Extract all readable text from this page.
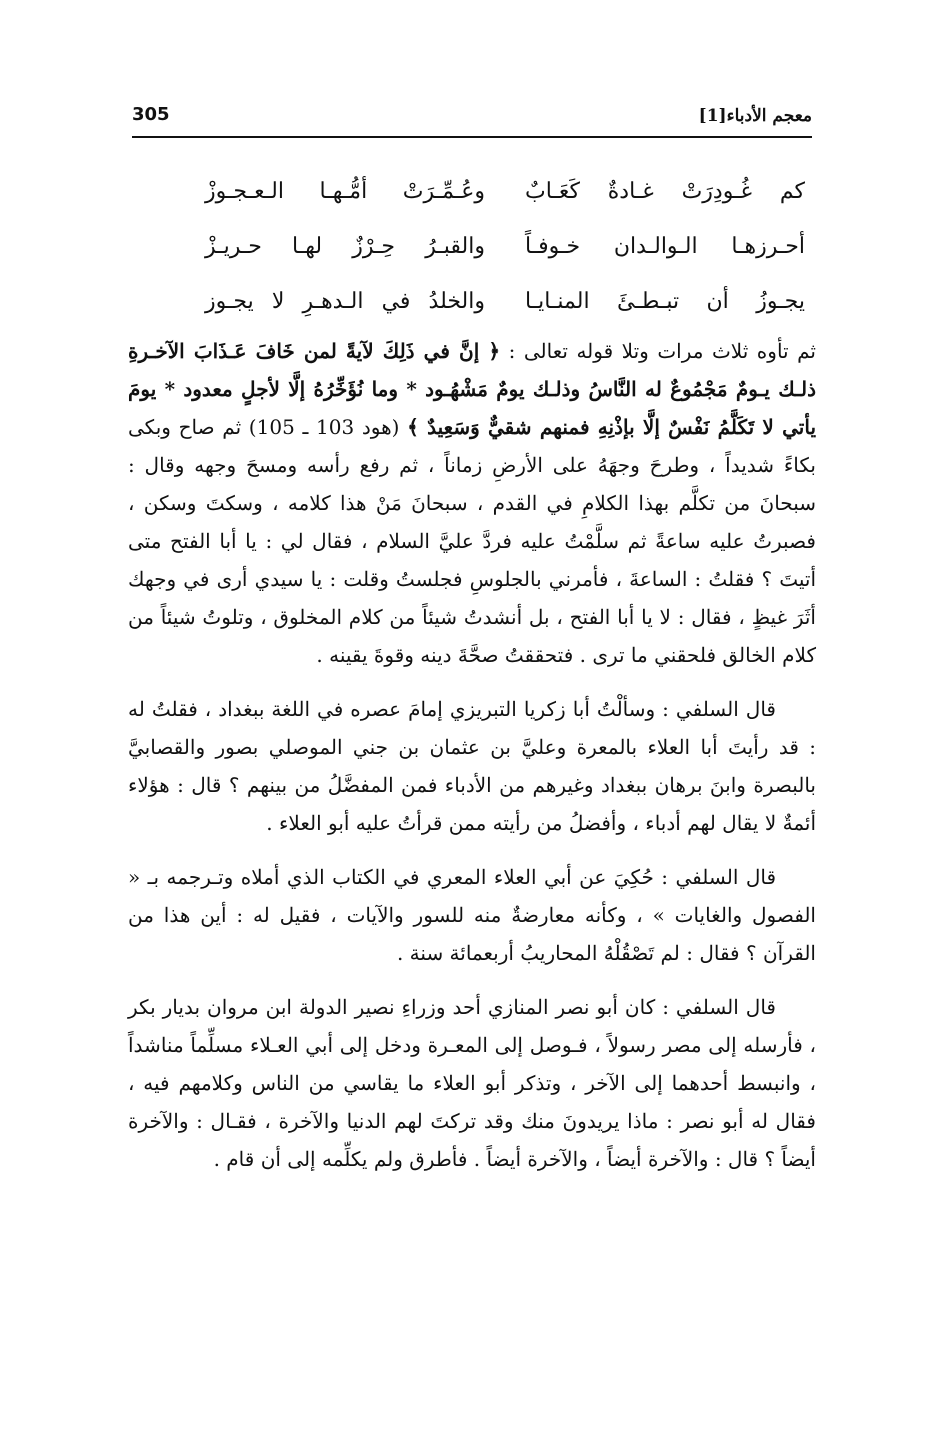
معجم الأدباء[1]
305
كم غُـودِرَتْ غـادةٌ كَعَـابٌ
وعُـمِّـرَتْ أمُّـهـا الـعـجـوزْ
أحـرزهـا الـوالـدان خـوفـاً
والقبـرُ حِـرْزٌ لهـا حـريـزْ
يجـوزُ أن تبـطـئَ المنـايـا
والخلدُ في الـدهـرِ لا يجـوز

ثم تأوه ثلاث مرات وتلا قوله تعالى : ﴿ إنَّ في ذَلِكَ لآيةً لمن خَافَ عَـذَابَ الآخـرةِ ذلـك يـومٌ مَجْمُوعٌ له النَّاسُ وذلـك يومٌ مَشْهُـود * وما نُؤَخِّرُهُ إلَّا لأجلٍ معدود * يومَ يأتي لا تَكَلَّمُ نَفْسٌ إلَّا بإذْنِهِ فمنهم شقيٌّ وَسَعِيدٌ ﴾ (هود 103 ـ 105) ثم صاح وبكى بكاءً شديداً ، وطرحَ وجهَهُ على الأرضِ زماناً ، ثم رفع رأسه ومسحَ وجهه وقال : سبحانَ من تكلَّم بهذا الكلامِ في القدم ، سبحانَ مَنْ هذا كلامه ، وسكتَ وسكن ، فصبرتُ عليه ساعةً ثم سلَّمْتُ عليه فردَّ عليَّ السلام ، فقال لي : يا أبا الفتح متى أتيتَ ؟ فقلتُ : الساعةَ ، فأمرني بالجلوسِ فجلستُ وقلت : يا سيدي أرى في وجهك أثَرَ غيظٍ ، فقال : لا يا أبا الفتح ، بل أنشدتُ شيئاً من كلام المخلوق ، وتلوتُ شيئاً من كلام الخالق فلحقني ما ترى . فتحققتُ صحَّةَ دينه وقوةَ يقينه .

قال السلفي : وسألْتُ أبا زكريا التبريزي إمامَ عصره في اللغة ببغداد ، فقلتُ له : قد رأيتَ أبا العلاء بالمعرة وعليَّ بن عثمان بن جني الموصلي بصور والقصابيَّ بالبصرة وابنَ برهان ببغداد وغيرهم من الأدباء فمن المفضَّلُ من بينهم ؟ قال : هؤلاء أئمةٌ لا يقال لهم أدباء ، وأفضلُ من رأيته ممن قرأتُ عليه أبو العلاء .

قال السلفي : حُكِيَ عن أبي العلاء المعري في الكتاب الذي أملاه وتـرجمه بـ « الفصول والغايات » ، وكأنه معارضةٌ منه للسور والآيات ، فقيل له : أين هذا من القرآن ؟ فقال : لم تَصْقُلْهُ المحاريبُ أربعمائة سنة .

قال السلفي : كان أبو نصر المنازي أحد وزراءِ نصير الدولة ابن مروان بديار بكر ، فأرسله إلى مصر رسولاً ، فـوصل إلى المعـرة ودخل إلى أبي العـلاء مسلِّماً مناشداً ، وانبسط أحدهما إلى الآخر ، وتذكر أبو العلاء ما يقاسي من الناس وكلامهم فيه ، فقال له أبو نصر : ماذا يريدونَ منك وقد تركتَ لهم الدنيا والآخرة ، فقـال : والآخرة أيضاً ؟ قال : والآخرة أيضاً ، والآخرة أيضاً . فأطرق ولم يكلِّمه إلى أن قام .
